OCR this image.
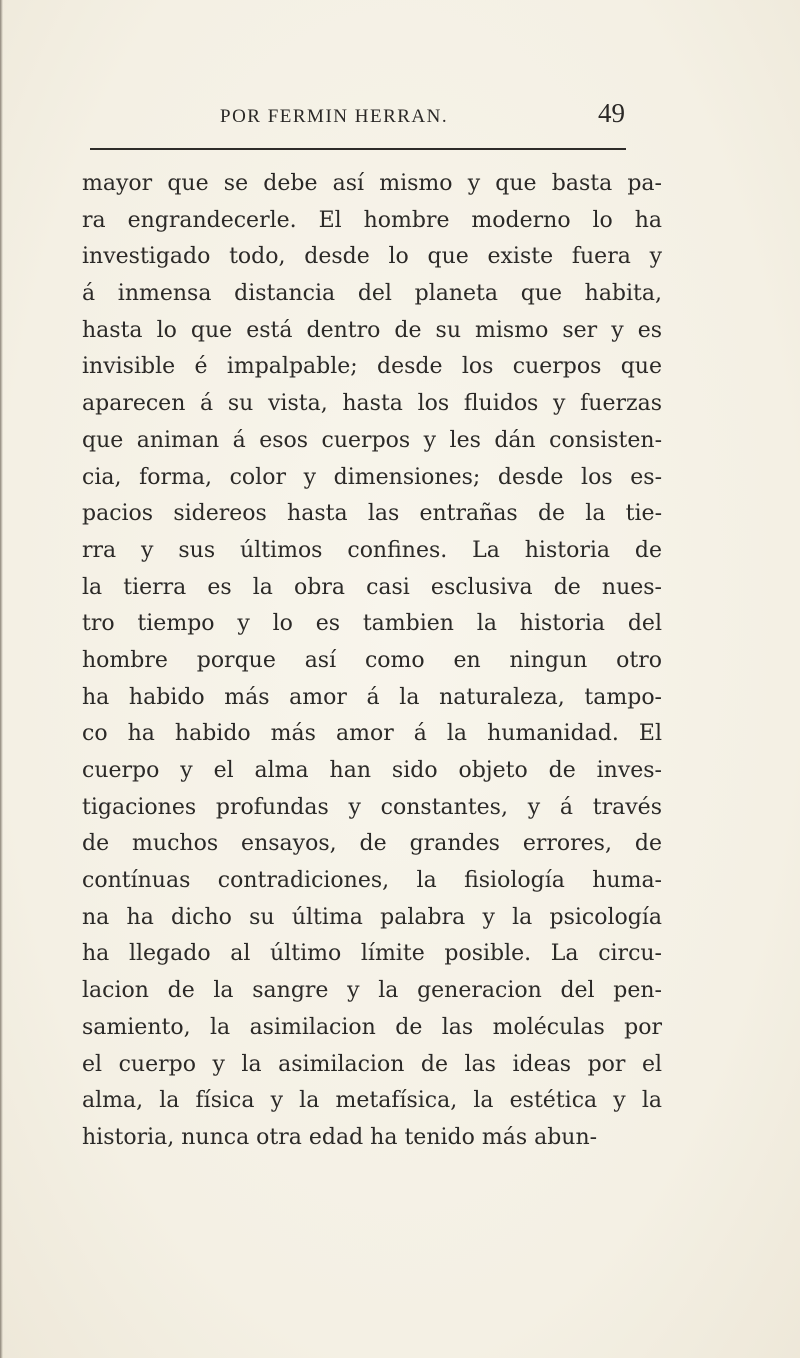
POR FERMIN HERRAN.	49
mayor que se debe así mismo y que basta pa-
ra engrandecerle. El hombre moderno lo ha
investigado todo, desde lo que existe fuera y
á inmensa distancia del planeta que habita,
hasta lo que está dentro de su mismo ser y es
invisible é impalpable; desde los cuerpos que
aparecen á su vista, hasta los fluidos y fuerzas
que animan á esos cuerpos y les dán consisten-
cia, forma, color y dimensiones; desde los es-
pacios sidereos hasta las entrañas de la tie-
rra y sus últimos confines. La historia de
la tierra es la obra casi esclusiva de nues-
tro tiempo y lo es tambien la historia del
hombre porque así como en ningun otro
ha habido más amor á la naturaleza, tampo-
co ha habido más amor á la humanidad. El
cuerpo y el alma han sido objeto de inves-
tigaciones profundas y constantes, y á través
de muchos ensayos, de grandes errores, de
contínuas contradiciones, la fisiología huma-
na ha dicho su última palabra y la psicología
ha llegado al último límite posible. La circu-
lacion de la sangre y la generacion del pen-
samiento, la asimilacion de las moléculas por
el cuerpo y la asimilacion de las ideas por el
alma, la física y la metafísica, la estética y la
historia, nunca otra edad ha tenido más abun-
